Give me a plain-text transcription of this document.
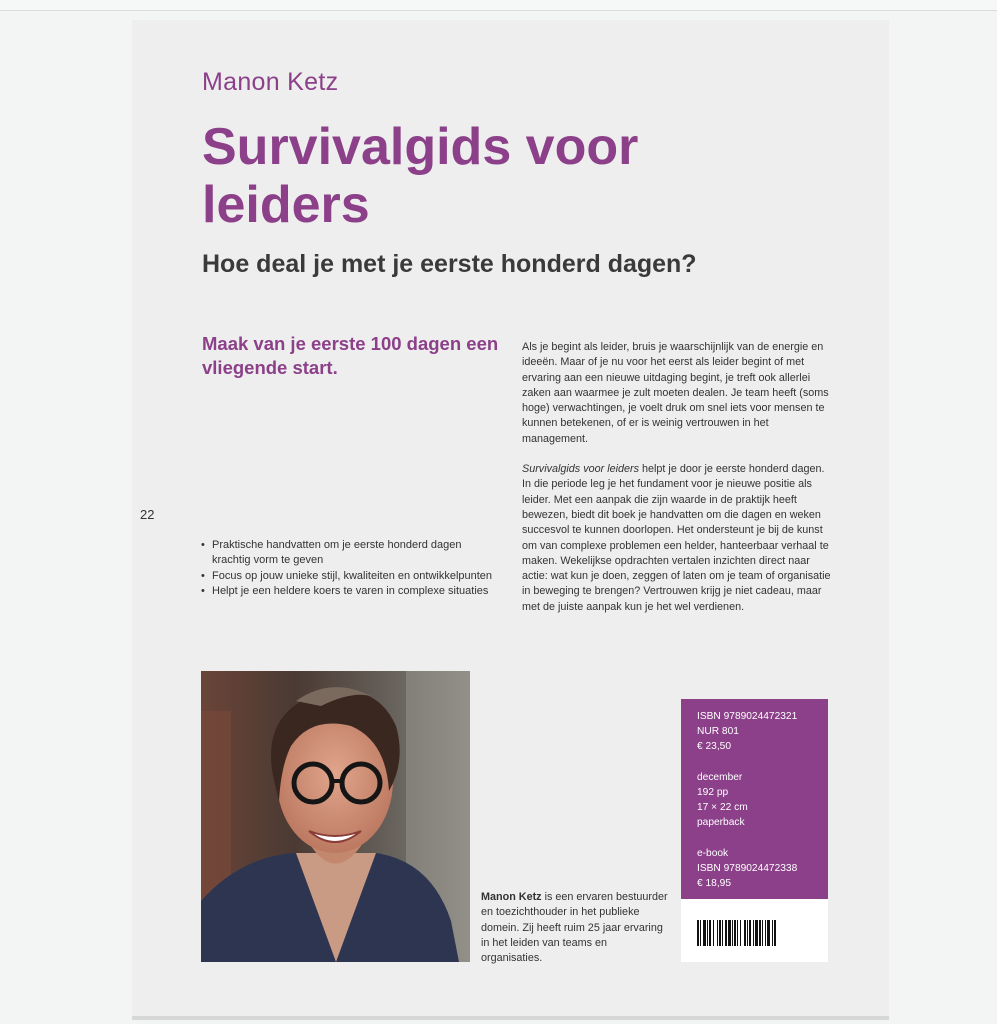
Manon Ketz
Survivalgids voor leiders
Hoe deal je met je eerste honderd dagen?
Maak van je eerste 100 dagen een vliegende start.
22
• Praktische handvatten om je eerste honderd dagen krachtig vorm te geven
• Focus op jouw unieke stijl, kwaliteiten en ontwikkelpunten
• Helpt je een heldere koers te varen in complexe situaties

Als je begint als leider, bruis je waarschijnlijk van de energie en ideeën. Maar of je nu voor het eerst als leider begint of met ervaring aan een nieuwe uitdaging begint, je treft ook allerlei zaken aan waarmee je zult moeten dealen. Je team heeft (soms hoge) verwachtingen, je voelt druk om snel iets voor mensen te kunnen betekenen, of er is weinig vertrouwen in het management.

Survivalgids voor leiders helpt je door je eerste honderd dagen. In die periode leg je het fundament voor je nieuwe positie als leider. Met een aanpak die zijn waarde in de praktijk heeft bewezen, biedt dit boek je handvatten om die dagen en weken succesvol te kunnen doorlopen. Het ondersteunt je bij de kunst om van complexe problemen een helder, hanteerbaar verhaal te maken. Wekelijkse opdrachten vertalen inzichten direct naar actie: wat kun je doen, zeggen of laten om je team of organisatie in beweging te brengen? Vertrouwen krijg je niet cadeau, maar met de juiste aanpak kun je het wel verdienen.

Manon Ketz is een ervaren bestuurder en toezichthouder in het publieke domein. Zij heeft ruim 25 jaar ervaring in het leiden van teams en organisaties.
ISBN 9789024472321
NUR 801
€ 23,50
december
192 pp
17 × 22 cm
paperback
e-book
ISBN 9789024472338
€ 18,95
